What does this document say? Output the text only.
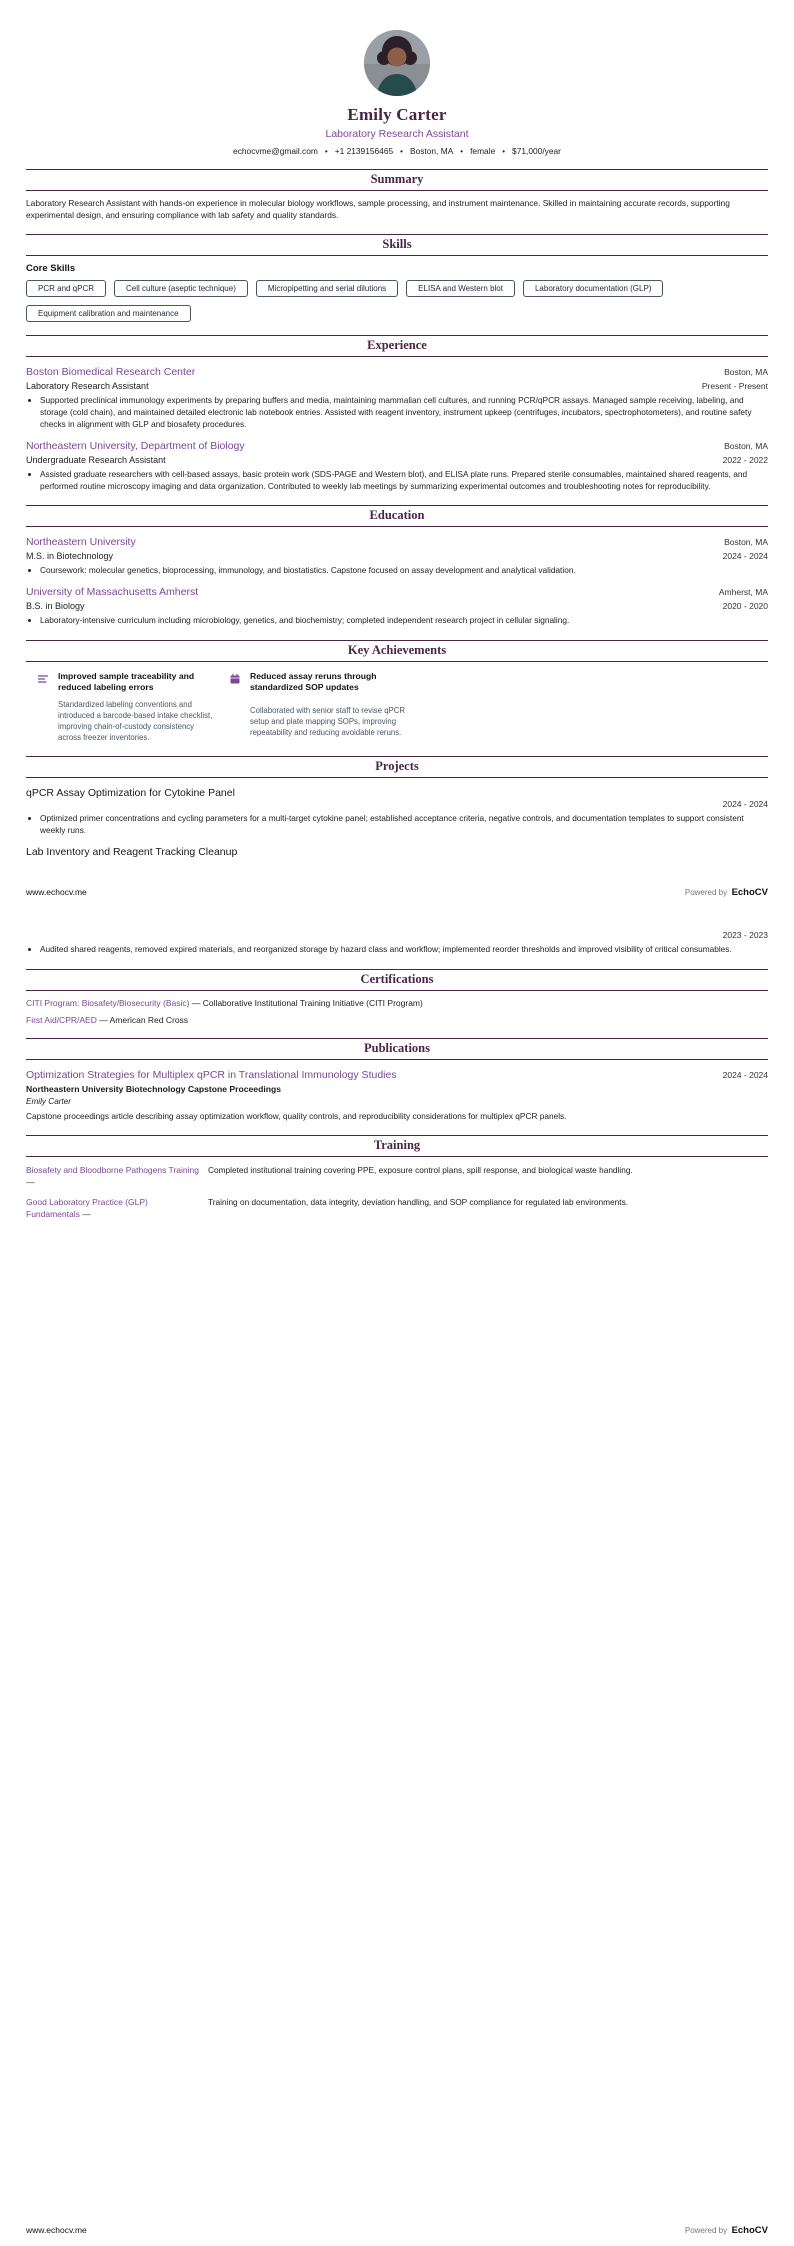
Emily Carter
Laboratory Research Assistant
echocvme@gmail.com • +1 2139156465 • Boston, MA • female • $71,000/year
Summary

Laboratory Research Assistant with hands-on experience in molecular biology workflows, sample processing, and instrument maintenance. Skilled in maintaining accurate records, supporting experimental design, and ensuring compliance with lab safety and quality standards.

Skills
Core Skills
PCR and qPCR	Cell culture (aseptic technique)	Micropipetting and serial dilutions	ELISA and Western blot	Laboratory documentation (GLP)
Equipment calibration and maintenance
Experience
Boston Biomedical Research Center	Boston, MA
Laboratory Research Assistant	Present - Present
• Supported preclinical immunology experiments by preparing buffers and media, maintaining mammalian cell cultures, and running PCR/qPCR assays. Managed sample receiving, labeling, and storage (cold chain), and maintained detailed electronic lab notebook entries. Assisted with reagent inventory, instrument upkeep (centrifuges, incubators, spectrophotometers), and routine safety checks in alignment with GLP and biosafety procedures.
Northeastern University, Department of Biology	Boston, MA
Undergraduate Research Assistant	2022 - 2022
• Assisted graduate researchers with cell-based assays, basic protein work (SDS-PAGE and Western blot), and ELISA plate runs. Prepared sterile consumables, maintained shared reagents, and performed routine microscopy imaging and data organization. Contributed to weekly lab meetings by summarizing experimental outcomes and troubleshooting notes for reproducibility.
Education
Northeastern University	Boston, MA
M.S. in Biotechnology	2024 - 2024
• Coursework: molecular genetics, bioprocessing, immunology, and biostatistics. Capstone focused on assay development and analytical validation.
University of Massachusetts Amherst	Amherst, MA
B.S. in Biology	2020 - 2020
• Laboratory-intensive curriculum including microbiology, genetics, and biochemistry; completed independent research project in cellular signaling.
Key Achievements
Improved sample traceability and reduced labeling errors
Standardized labeling conventions and introduced a barcode-based intake checklist, improving chain-of-custody consistency across freezer inventories.
Reduced assay reruns through standardized SOP updates
Collaborated with senior staff to revise qPCR setup and plate mapping SOPs, improving repeatability and reducing avoidable reruns.
Projects
qPCR Assay Optimization for Cytokine Panel
2024 - 2024
• Optimized primer concentrations and cycling parameters for a multi-target cytokine panel; established acceptance criteria, negative controls, and documentation templates to support consistent weekly runs.
Lab Inventory and Reagent Tracking Cleanup
www.echocv.me	Powered by EchoCV
2023 - 2023
• Audited shared reagents, removed expired materials, and reorganized storage by hazard class and workflow; implemented reorder thresholds and improved visibility of critical consumables.
Certifications
CITI Program: Biosafety/Biosecurity (Basic) — Collaborative Institutional Training Initiative (CITI Program)
First Aid/CPR/AED — American Red Cross
Publications
Optimization Strategies for Multiplex qPCR in Translational Immunology Studies	2024 - 2024
Northeastern University Biotechnology Capstone Proceedings
Emily Carter
Capstone proceedings article describing assay optimization workflow, quality controls, and reproducibility considerations for multiplex qPCR panels.
Training
Biosafety and Bloodborne Pathogens Training —
Completed institutional training covering PPE, exposure control plans, spill response, and biological waste handling.
Good Laboratory Practice (GLP) Fundamentals —
Training on documentation, data integrity, deviation handling, and SOP compliance for regulated lab environments.
www.echocv.me	Powered by EchoCV
